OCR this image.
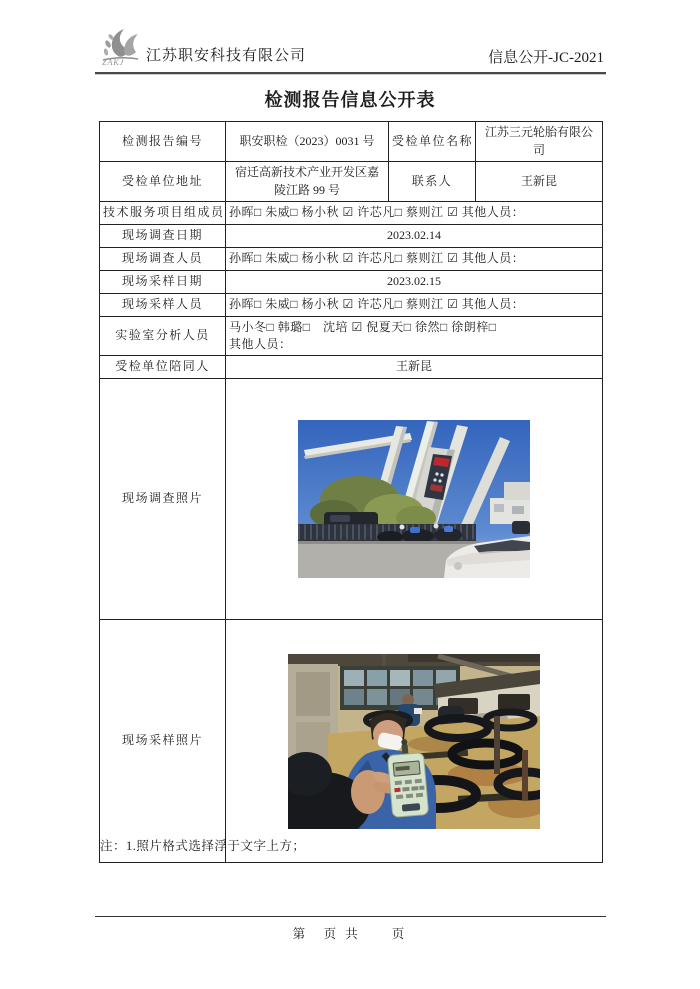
ZAKJ 江苏职安科技有限公司	信息公开-JC-2021
检测报告信息公开表
检测报告编号	职安职检（2023）0031 号	受检单位名称	江苏三元轮胎有限公司
受检单位地址	宿迁高新技术产业开发区嘉陵江路 99 号	联系人	王新昆
技术服务项目组成员	孙晖□ 朱威□ 杨小秋 ☑ 许芯凡□ 蔡则江 ☑ 其他人员：		
现场调查日期	2023.02.14		
现场调查人员	孙晖□ 朱威□ 杨小秋 ☑ 许芯凡□ 蔡则江 ☑ 其他人员：		
现场采样日期	2023.02.15		
现场采样人员	孙晖□ 朱威□ 杨小秋 ☑ 许芯凡□ 蔡则江 ☑ 其他人员：		
实验室分析人员	马小冬□ 韩璐□　沈培 ☑ 倪夏天□ 徐然□ 徐朗梓□
其他人员：		

受检单位陪同人	王新昆		
现场调查照片	

现场采样照片	
注：1.照片格式选择浮于文字上方；
第　页 共　　页
